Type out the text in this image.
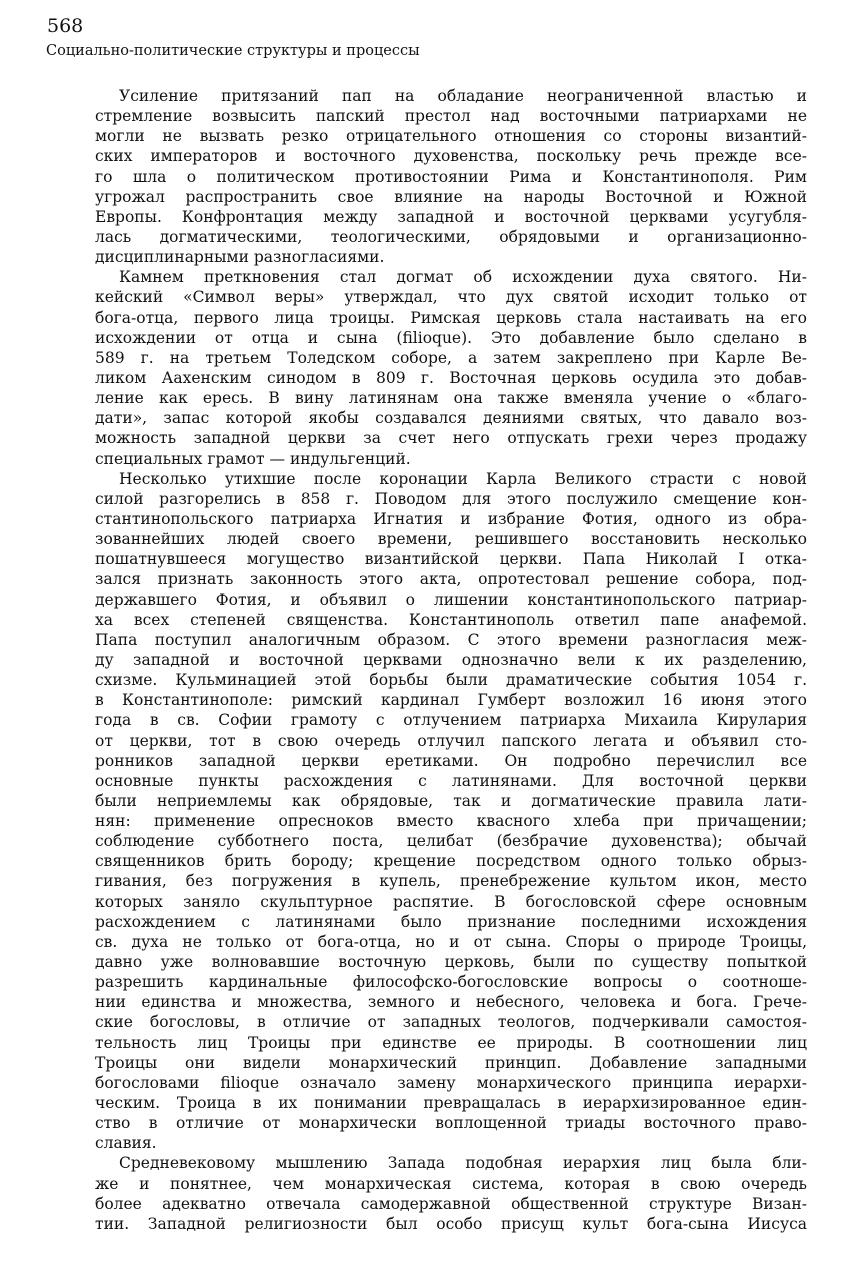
568
Социально-политические структуры и процессы
Усиление притязаний пап на обладание неограниченной властью и
стремление возвысить папский престол над восточными патриархами не
могли не вызвать резко отрицательного отношения со стороны византий-
ских императоров и восточного духовенства, поскольку речь прежде все-
го шла о политическом противостоянии Рима и Константинополя. Рим
угрожал распространить свое влияние на народы Восточной и Южной
Европы. Конфронтация между западной и восточной церквами усугубля-
лась догматическими, теологическими, обрядовыми и организационно-
дисциплинарными разногласиями.
Камнем преткновения стал догмат об исхождении духа святого. Ни-
кейский «Символ веры» утверждал, что дух святой исходит только от
бога-отца, первого лица троицы. Римская церковь стала настаивать на его
исхождении от отца и сына (filioque). Это добавление было сделано в
589 г. на третьем Толедском соборе, а затем закреплено при Карле Ве-
ликом Аахенским синодом в 809 г. Восточная церковь осудила это добав-
ление как ересь. В вину латинянам она также вменяла учение о «благо-
дати», запас которой якобы создавался деяниями святых, что давало воз-
можность западной церкви за счет него отпускать грехи через продажу
специальных грамот — индульгенций.
Несколько утихшие после коронации Карла Великого страсти с новой
силой разгорелись в 858 г. Поводом для этого послужило смещение кон-
стантинопольского патриарха Игнатия и избрание Фотия, одного из обра-
зованнейших людей своего времени, решившего восстановить несколько
пошатнувшееся могущество византийской церкви. Папа Николай I отка-
зался признать законность этого акта, опротестовал решение собора, под-
державшего Фотия, и объявил о лишении константинопольского патриар-
ха всех степеней священства. Константинополь ответил папе анафемой.
Папа поступил аналогичным образом. С этого времени разногласия меж-
ду западной и восточной церквами однозначно вели к их разделению,
схизме. Кульминацией этой борьбы были драматические события 1054 г.
в Константинополе: римский кардинал Гумберт возложил 16 июня этого
года в св. Софии грамоту с отлучением патриарха Михаила Кирулария
от церкви, тот в свою очередь отлучил папского легата и объявил сто-
ронников западной церкви еретиками. Он подробно перечислил все
основные пункты расхождения с латинянами. Для восточной церкви
были неприемлемы как обрядовые, так и догматические правила лати-
нян: применение опресноков вместо квасного хлеба при причащении;
соблюдение субботнего поста, целибат (безбрачие духовенства); обычай
священников брить бороду; крещение посредством одного только обрыз-
гивания, без погружения в купель, пренебрежение культом икон, место
которых заняло скульптурное распятие. В богословской сфере основным
расхождением с латинянами было признание последними исхождения
св. духа не только от бога-отца, но и от сына. Споры о природе Троицы,
давно уже волновавшие восточную церковь, были по существу попыткой
разрешить кардинальные философско-богословские вопросы о соотноше-
нии единства и множества, земного и небесного, человека и бога. Грече-
ские богословы, в отличие от западных теологов, подчеркивали самостоя-
тельность лиц Троицы при единстве ее природы. В соотношении лиц
Троицы они видели монархический принцип. Добавление западными
богословами filioque означало замену монархического принципа иерархи-
ческим. Троица в их понимании превращалась в иерархизированное един-
ство в отличие от монархически воплощенной триады восточного право-
славия.
Средневековому мышлению Запада подобная иерархия лиц была бли-
же и понятнее, чем монархическая система, которая в свою очередь
более адекватно отвечала самодержавной общественной структуре Визан-
тии. Западной религиозности был особо присущ культ бога-сына Иисуса
